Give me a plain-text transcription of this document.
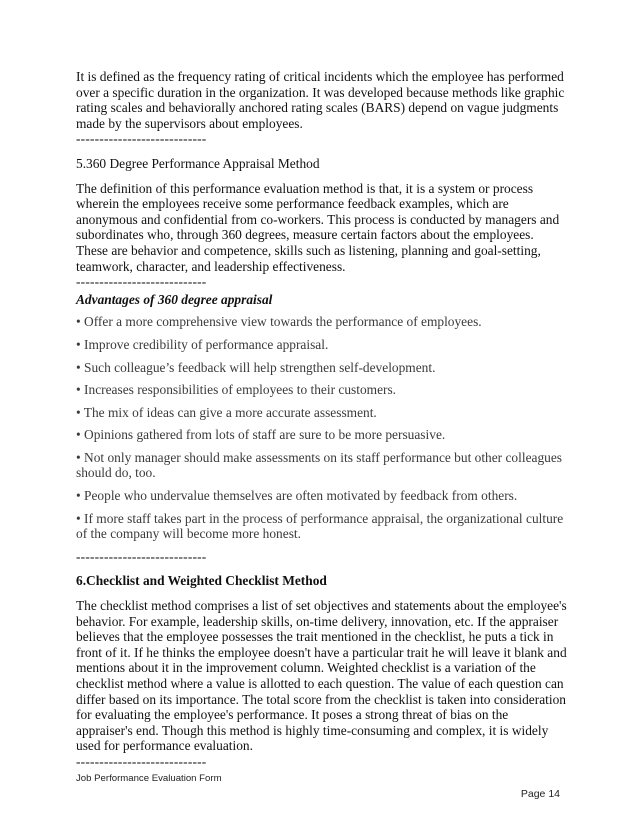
It is defined as the frequency rating of critical incidents which the employee has performed over a specific duration in the organization. It was developed because methods like graphic rating scales and behaviorally anchored rating scales (BARS) depend on vague judgments made by the supervisors about employees.

----------------------------

5.360 Degree Performance Appraisal Method

The definition of this performance evaluation method is that, it is a system or process wherein the employees receive some performance feedback examples, which are anonymous and confidential from co-workers. This process is conducted by managers and subordinates who, through 360 degrees, measure certain factors about the employees. These are behavior and competence, skills such as listening, planning and goal-setting, teamwork, character, and leadership effectiveness.

----------------------------

Advantages of 360 degree appraisal

• Offer a more comprehensive view towards the performance of employees.

• Improve credibility of performance appraisal.

• Such colleague’s feedback will help strengthen self-development.

• Increases responsibilities of employees to their customers.

• The mix of ideas can give a more accurate assessment.

• Opinions gathered from lots of staff are sure to be more persuasive.

• Not only manager should make assessments on its staff performance but other colleagues should do, too.

• People who undervalue themselves are often motivated by feedback from others.

• If more staff takes part in the process of performance appraisal, the organizational culture of the company will become more honest.

----------------------------

6.Checklist and Weighted Checklist Method

The checklist method comprises a list of set objectives and statements about the employee's behavior. For example, leadership skills, on-time delivery, innovation, etc. If the appraiser believes that the employee possesses the trait mentioned in the checklist, he puts a tick in front of it. If he thinks the employee doesn't have a particular trait he will leave it blank and mentions about it in the improvement column. Weighted checklist is a variation of the checklist method where a value is allotted to each question. The value of each question can differ based on its importance. The total score from the checklist is taken into consideration for evaluating the employee's performance. It poses a strong threat of bias on the appraiser's end. Though this method is highly time-consuming and complex, it is widely used for performance evaluation.

----------------------------

Job Performance Evaluation Form
Page 14
